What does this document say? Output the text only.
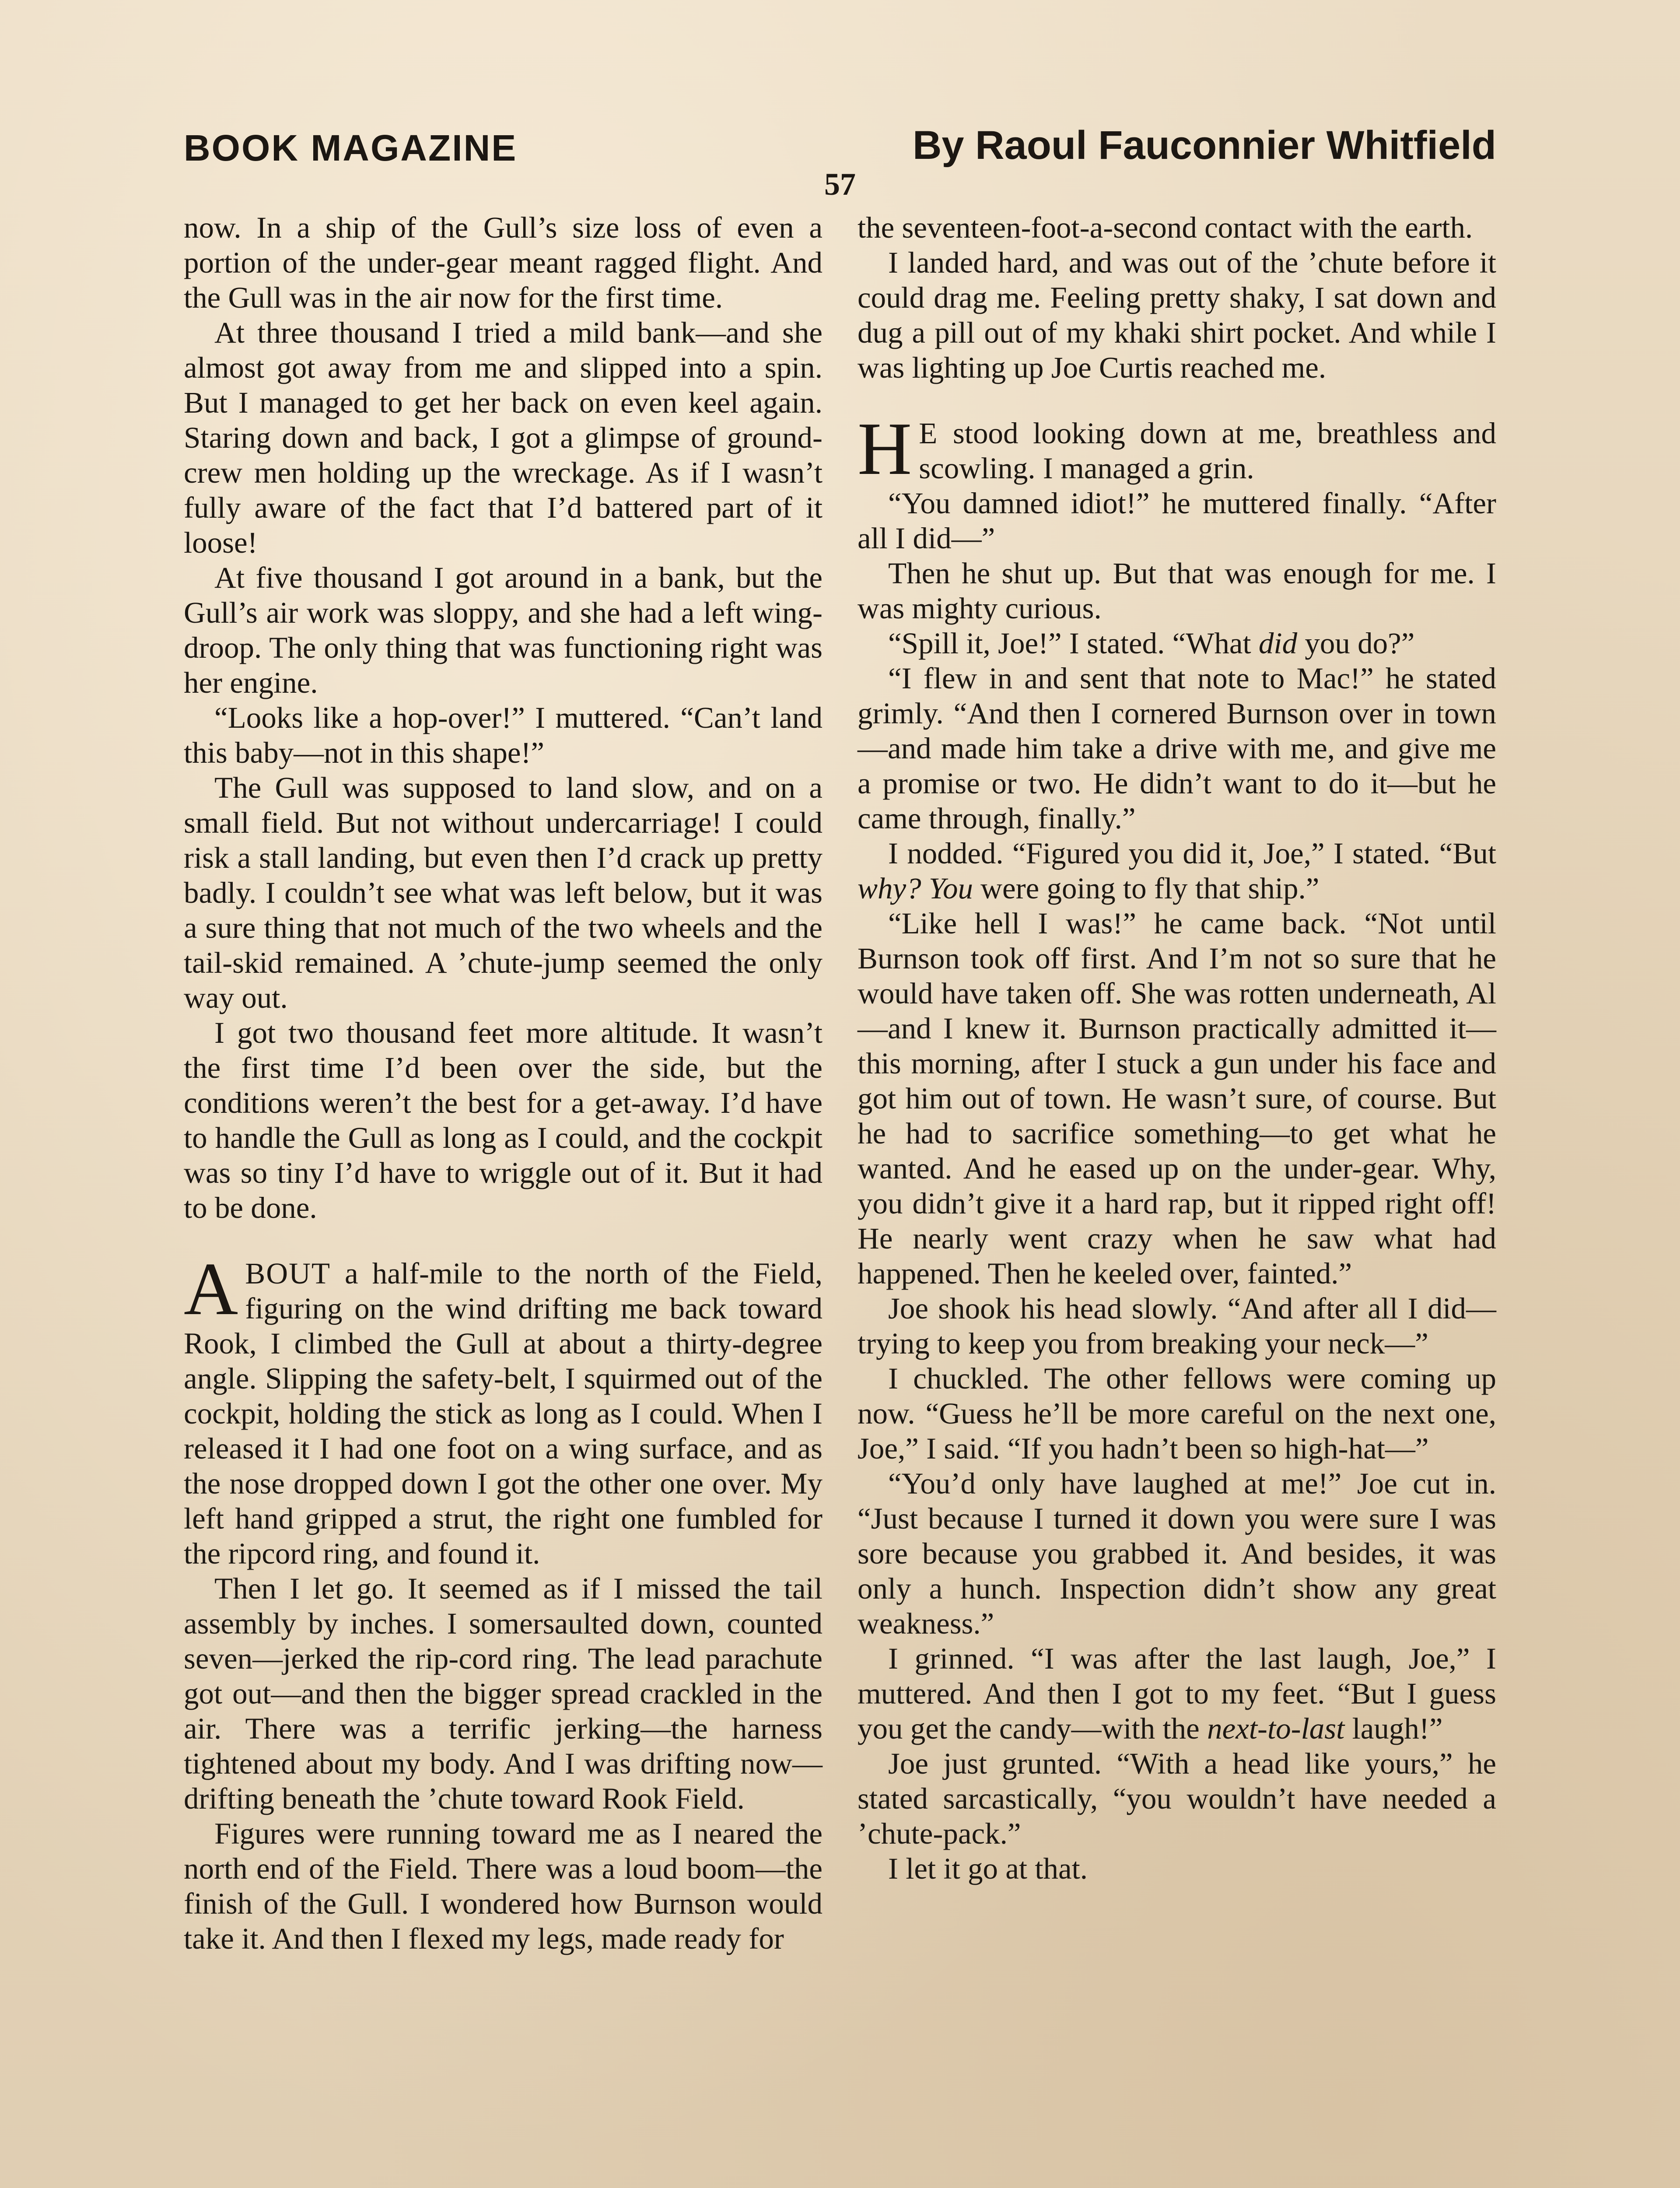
BOOK MAGAZINE	By Raoul Fauconnier Whitfield
57

now. In a ship of the Gull’s size loss of even a portion of the under-gear meant ragged flight. And the Gull was in the air now for the first time.

At three thousand I tried a mild bank—and she almost got away from me and slipped into a spin. But I managed to get her back on even keel again. Staring down and back, I got a glimpse of ground-crew men holding up the wreckage. As if I wasn’t fully aware of the fact that I’d battered part of it loose!

At five thousand I got around in a bank, but the Gull’s air work was sloppy, and she had a left wing-droop. The only thing that was functioning right was her engine.

“Looks like a hop-over!” I muttered. “Can’t land this baby—not in this shape!”

The Gull was supposed to land slow, and on a small field. But not without undercarriage! I could risk a stall landing, but even then I’d crack up pretty badly. I couldn’t see what was left below, but it was a sure thing that not much of the two wheels and the tail-skid remained. A ’chute-jump seemed the only way out.

I got two thousand feet more altitude. It wasn’t the first time I’d been over the side, but the conditions weren’t the best for a get-away. I’d have to handle the Gull as long as I could, and the cockpit was so tiny I’d have to wriggle out of it. But it had to be done.

ABOUT a half-mile to the north of the Field, figuring on the wind drifting me back toward Rook, I climbed the Gull at about a thirty-degree angle. Slipping the safety-belt, I squirmed out of the cockpit, holding the stick as long as I could. When I released it I had one foot on a wing surface, and as the nose dropped down I got the other one over. My left hand gripped a strut, the right one fumbled for the ripcord ring, and found it.

Then I let go. It seemed as if I missed the tail assembly by inches. I somersaulted down, counted seven—jerked the rip-cord ring. The lead parachute got out—and then the bigger spread crackled in the air. There was a terrific jerking—the harness tightened about my body. And I was drifting now—drifting beneath the ’chute toward Rook Field.

Figures were running toward me as I neared the north end of the Field. There was a loud boom—the finish of the Gull. I wondered how Burnson would take it. And then I flexed my legs, made ready for

the seventeen-foot-a-second contact with the earth.

I landed hard, and was out of the ’chute before it could drag me. Feeling pretty shaky, I sat down and dug a pill out of my khaki shirt pocket. And while I was lighting up Joe Curtis reached me.

H E stood looking down at me, breathless and scowling. I managed a grin.

“You damned idiot!” he muttered finally. “After all I did—”

Then he shut up. But that was enough for me. I was mighty curious.

“Spill it, Joe!” I stated. “What did you do?”

“I flew in and sent that note to Mac!” he stated grimly. “And then I cornered Burnson over in town—and made him take a drive with me, and give me a promise or two. He didn’t want to do it—but he came through, finally.”

I nodded. “Figured you did it, Joe,” I stated. “But why? You were going to fly that ship.”

“Like hell I was!” he came back. “Not until Burnson took off first. And I’m not so sure that he would have taken off. She was rotten underneath, Al—and I knew it. Burnson practically admitted it—this morning, after I stuck a gun under his face and got him out of town. He wasn’t sure, of course. But he had to sacrifice something—to get what he wanted. And he eased up on the under-gear. Why, you didn’t give it a hard rap, but it ripped right off! He nearly went crazy when he saw what had happened. Then he keeled over, fainted.”

Joe shook his head slowly. “And after all I did—trying to keep you from breaking your neck—”

I chuckled. The other fellows were coming up now. “Guess he’ll be more careful on the next one, Joe,” I said. “If you hadn’t been so high-hat—”

“You’d only have laughed at me!” Joe cut in. “Just because I turned it down you were sure I was sore because you grabbed it. And besides, it was only a hunch. Inspection didn’t show any great weakness.”

I grinned. “I was after the last laugh, Joe,” I muttered. And then I got to my feet. “But I guess you get the candy—with the next-to-last laugh!”

Joe just grunted. “With a head like yours,” he stated sarcastically, “you wouldn’t have needed a ’chute-pack.”

I let it go at that.
